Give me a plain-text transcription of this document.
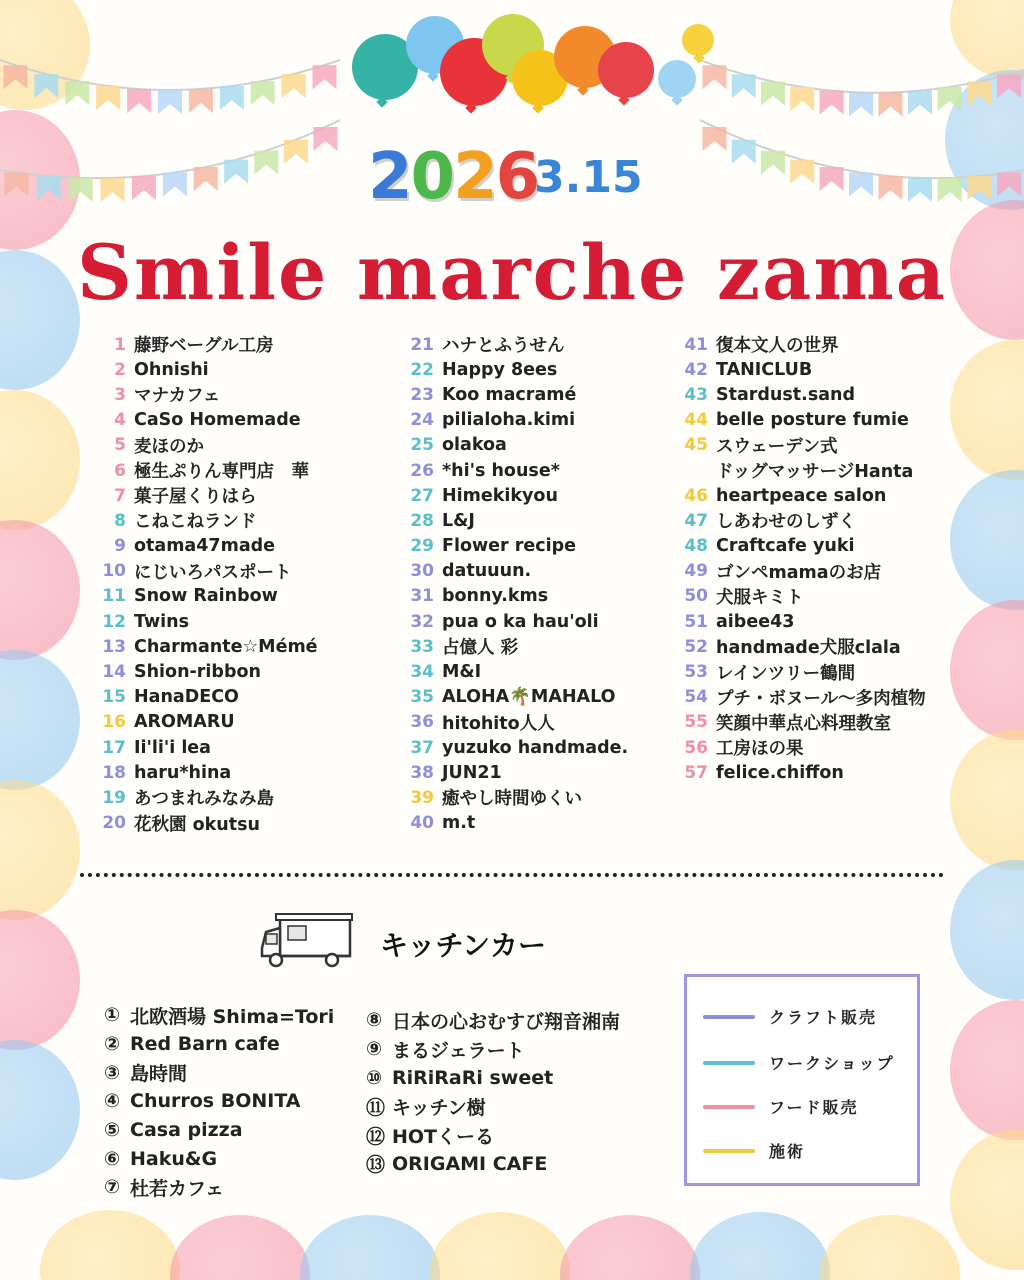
2026
3.15
Smile marche zama
1 藤野ベーグル工房
2 Ohnishi
3 マナカフェ
4 CaSo Homemade
5 麦ほのか
6 極生ぷりん専門店　華
7 菓子屋くりはら
8 こねこねランド
9 otama47made
10 にじいろパスポート
11 Snow Rainbow
12 Twins
13 Charmante☆Mémé
14 Shion-ribbon
15 HanaDECO
16 AROMARU
17 Ii'li'i lea
18 haru*hina
19 あつまれみなみ島
20 花秋園 okutsu
21 ハナとふうせん
22 Happy 8ees
23 Koo macramé
24 pilialoha.kimi
25 olakoa
26 *hi's house*
27 Himekikyou
28 L&J
29 Flower recipe
30 datuuun.
31 bonny.kms
32 pua o ka hau'oli
33 占億人 彩
34 M&I
35 ALOHA🌴MAHALO
36 hitohito人人
37 yuzuko handmade.
38 JUN21
39 癒やし時間ゆくい
40 m.t
41 復本文人の世界
42 TANICLUB
43 Stardust.sand
44 belle posture fumie
45 スウェーデン式
ドッグマッサージHanta
46 heartpeace salon
47 しあわせのしずく
48 Craftcafe yuki
49 ゴンペmamaのお店
50 犬服キミト
51 aibee43
52 handmade犬服clala
53 レインツリー鶴間
54 プチ・ボヌール～多肉植物
55 笑顔中華点心料理教室
56 工房ほの果
57 felice.chiffon
キッチンカー
① 北欧酒場 Shima=Tori
② Red Barn cafe
③ 島時間
④ Churros BONITA
⑤ Casa pizza
⑥ Haku&G
⑦ 杜若カフェ
⑧ 日本の心おむすび翔音湘南
⑨ まるジェラート
⑩ RiRiRaRi sweet
⑪ キッチン樹
⑫ HOTくーる
⑬ ORIGAMI CAFE
クラフト販売
ワークショップ
フード販売
施術
